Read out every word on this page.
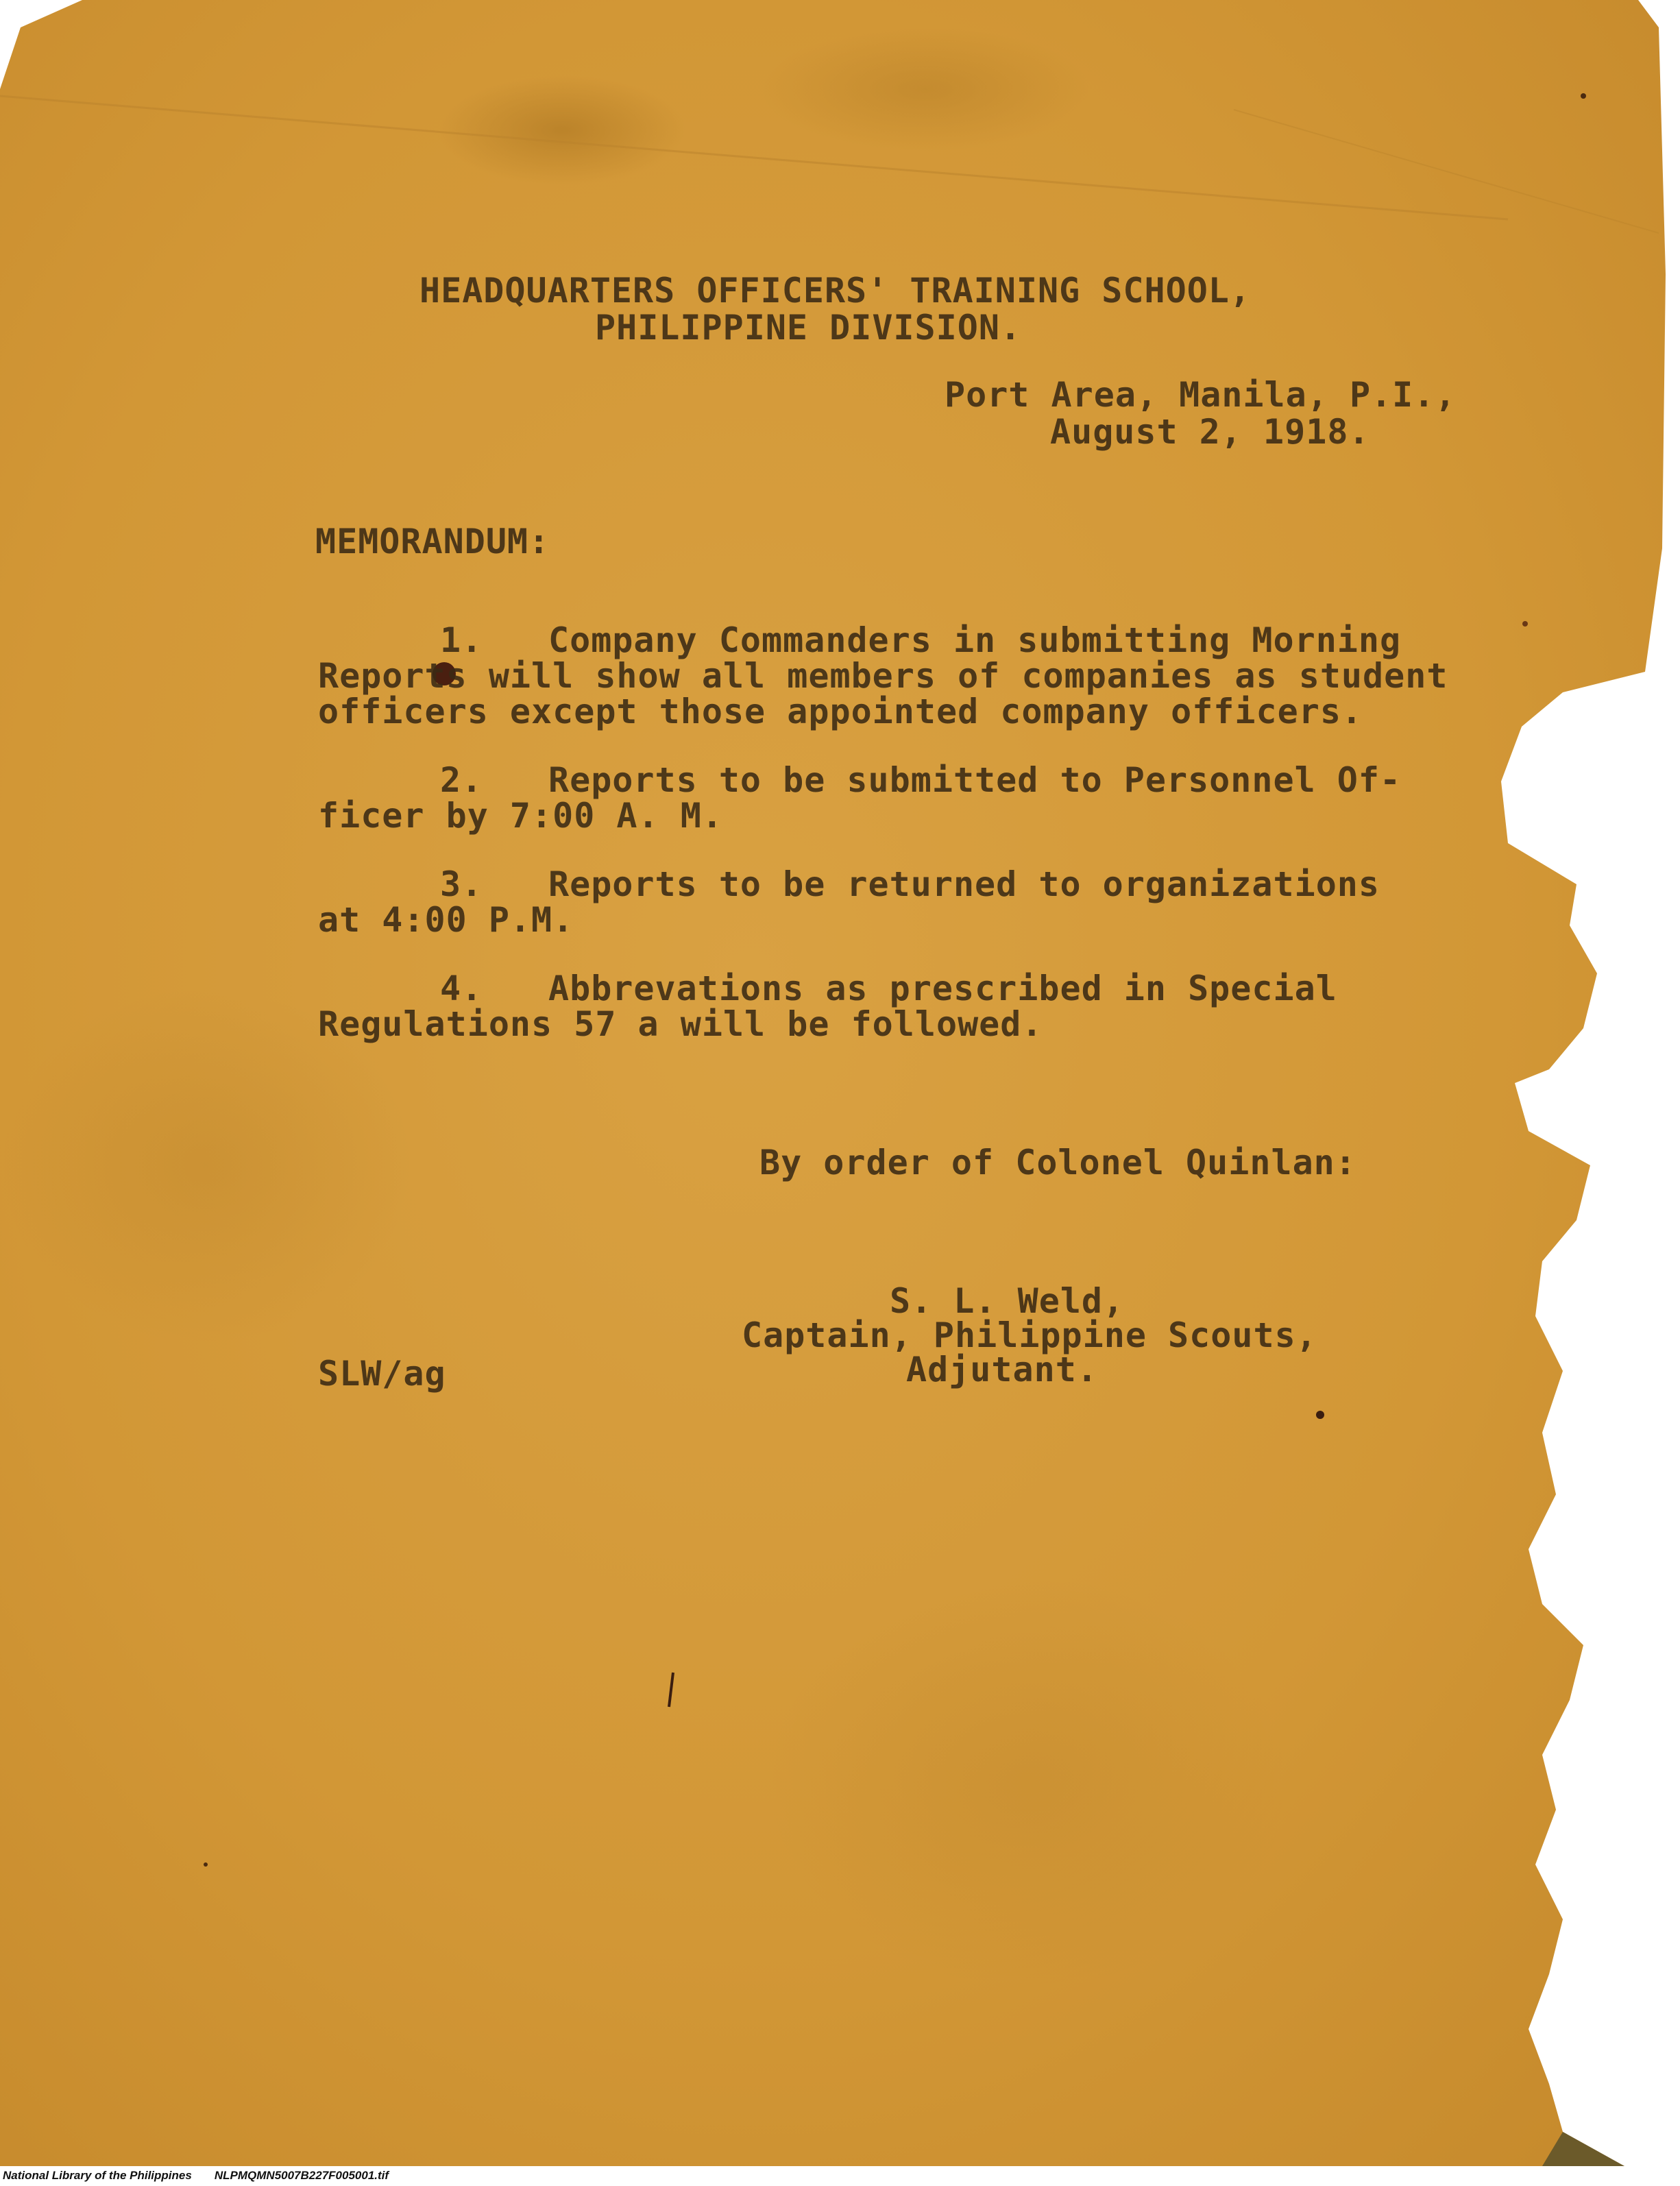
HEADQUARTERS OFFICERS' TRAINING SCHOOL,
PHILIPPINE DIVISION.
Port Area, Manila, P.I.,
August 2, 1918.
MEMORANDUM:
1. Company Commanders in submitting Morning
Reports will show all members of companies as student
officers except those appointed company officers.
2. Reports to be submitted to Personnel Of-
ficer by 7:00 A. M.
3. Reports to be returned to organizations
at 4:00 P.M.
4. Abbrevations as prescribed in Special
Regulations 57 a will be followed.
By order of Colonel Quinlan:
S. L. Weld,
Captain, Philippine Scouts,
Adjutant.
SLW/ag
National Library of the Philippines NLPMQMN5007B227F005001.tif
